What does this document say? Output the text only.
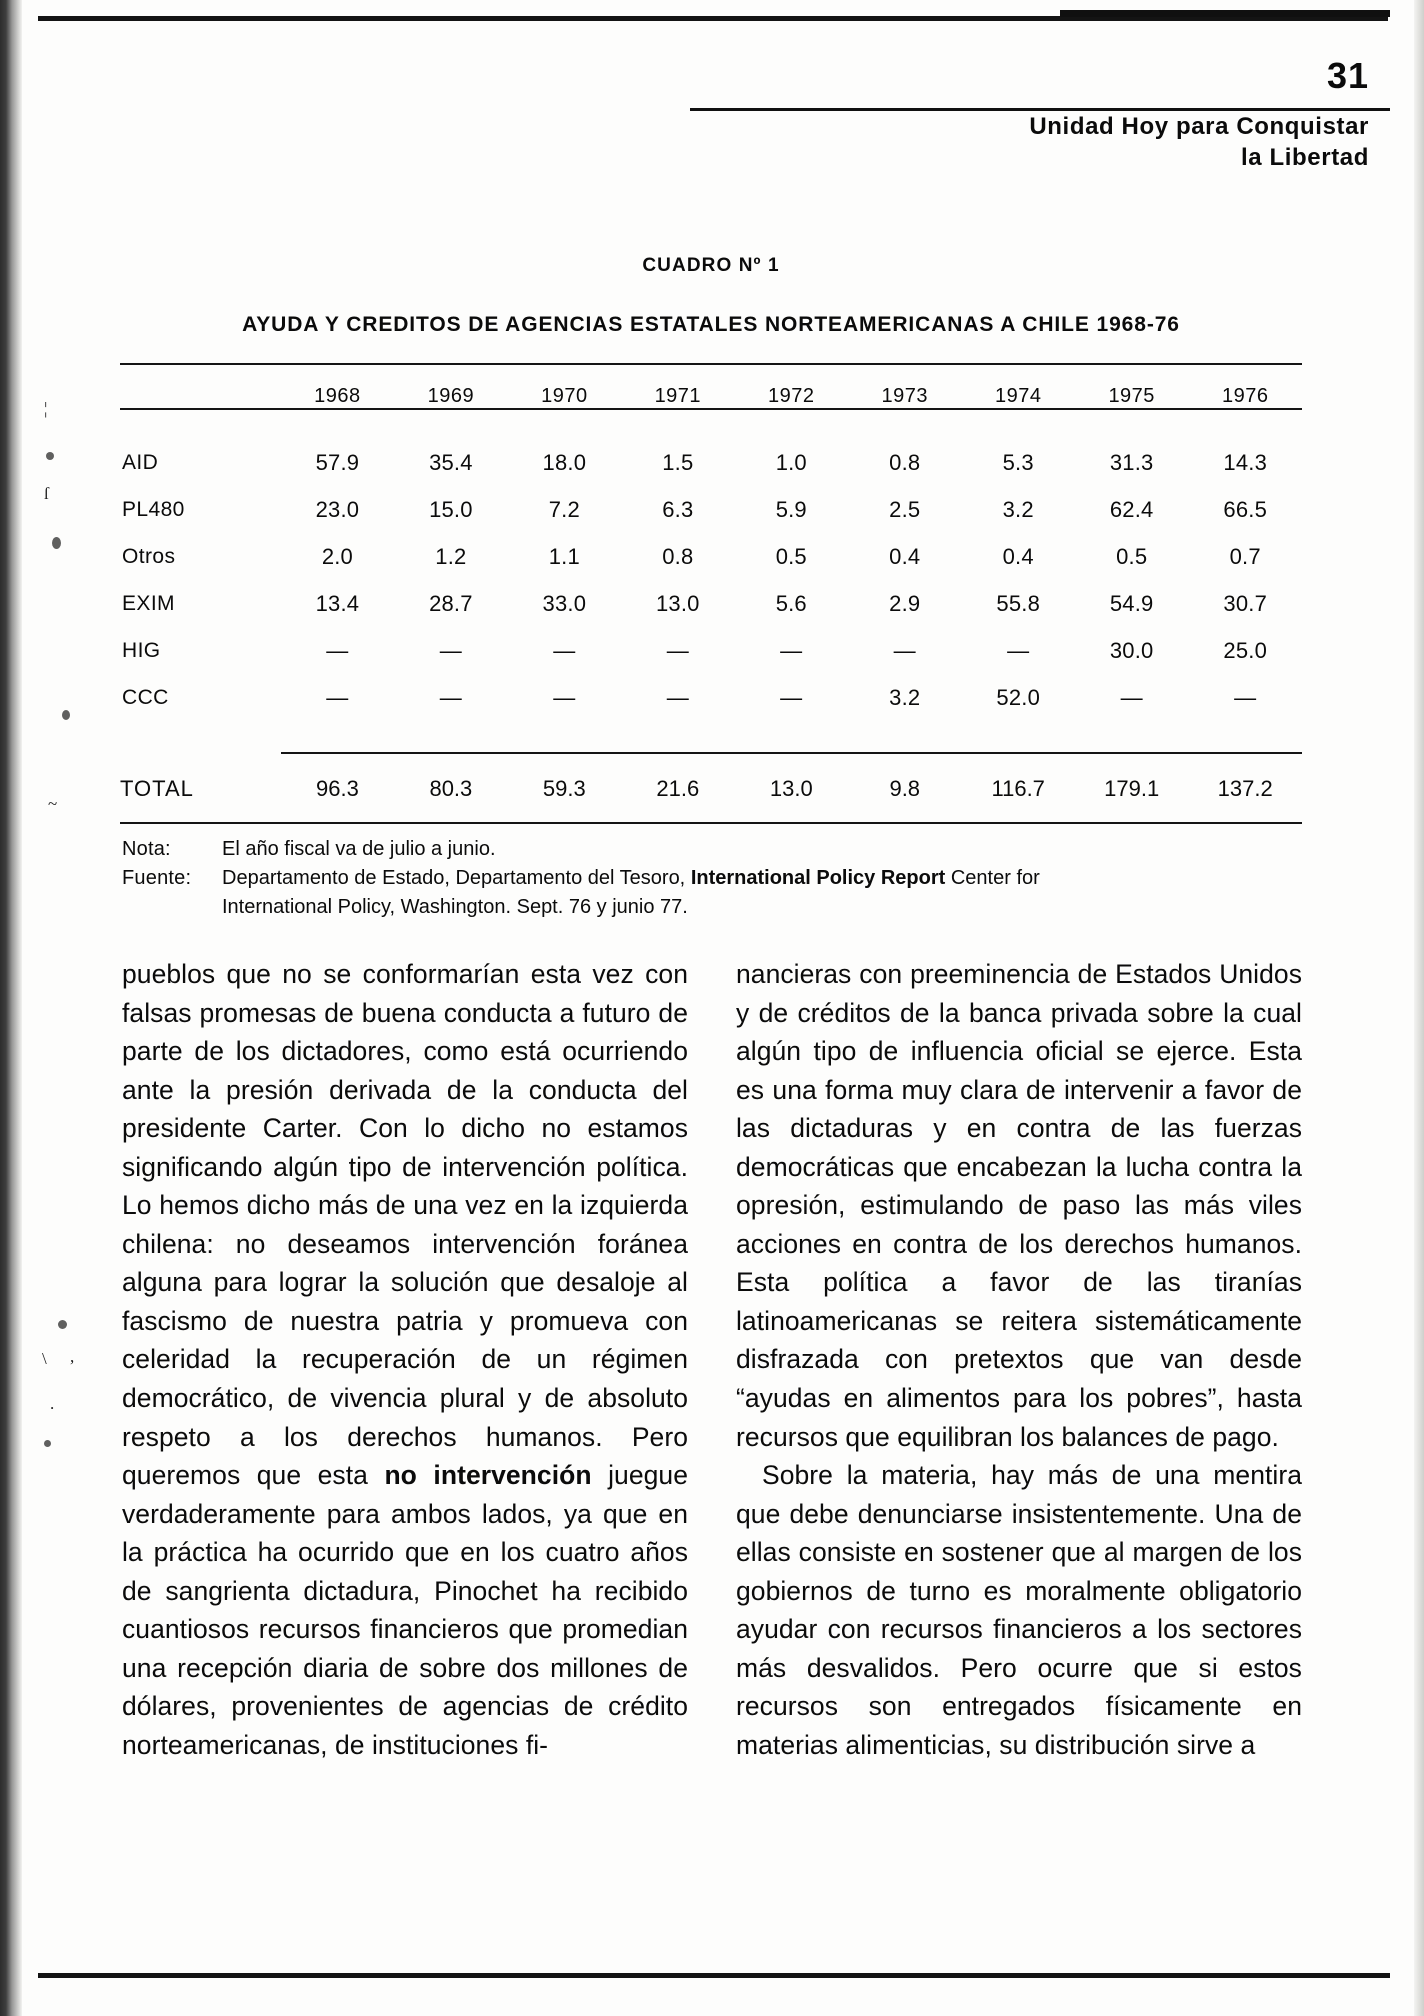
¦
ſ
~
\ ,
.
31
Unidad Hoy para Conquistar
la Libertad
CUADRO Nº 1
AYUDA Y CREDITOS DE AGENCIAS ESTATALES NORTEAMERICANAS A CHILE 1968-76

	1968	1969	1970	1971	1972	1973	1974	1975	1976

AID	57.9	35.4	18.0	1.5	1.0	0.8	5.3	31.3	14.3
PL480	23.0	15.0	7.2	6.3	5.9	2.5	3.2	62.4	66.5
Otros	2.0	1.2	1.1	0.8	0.5	0.4	0.4	0.5	0.7
EXIM	13.4	28.7	33.0	13.0	5.6	2.9	55.8	54.9	30.7
HIG	—	—	—	—	—	—	—	30.0	25.0
CCC	—	—	—	—	—	3.2	52.0	—	—

TOTAL	96.3	80.3	59.3	21.6	13.0	9.8	116.7	179.1	137.2

Nota:	El año fiscal va de julio a junio.
Fuente:	Departamento de Estado, Departamento del Tesoro, International Policy Report Center for
International Policy, Washington. Sept. 76 y junio 77.

pueblos que no se conformarían esta vez con falsas promesas de buena conducta a futuro de parte de los dictadores, como está ocurriendo ante la presión derivada de la conducta del presidente Carter. Con lo dicho no estamos significando algún tipo de intervención política. Lo hemos dicho más de una vez en la izquierda chilena: no deseamos intervención foránea alguna para lograr la solución que desaloje al fascismo de nuestra patria y promueva con celeridad la recuperación de un régimen democrático, de vivencia plural y de absoluto respeto a los derechos humanos. Pero queremos que esta no intervención juegue verdaderamente para ambos lados, ya que en la práctica ha ocurrido que en los cuatro años de sangrienta dictadura, Pinochet ha recibido cuantiosos recursos financieros que promedian una recepción diaria de sobre dos millones de dólares, provenientes de agencias de crédito norteamericanas, de instituciones fi-

nancieras con preeminencia de Estados Unidos y de créditos de la banca privada sobre la cual algún tipo de influencia oficial se ejerce. Esta es una forma muy clara de intervenir a favor de las dictaduras y en contra de las fuerzas democráticas que encabezan la lucha contra la opresión, estimulando de paso las más viles acciones en contra de los derechos humanos. Esta política a favor de las tiranías latinoamericanas se reitera sistemáticamente disfrazada con pretextos que van desde “ayudas en alimentos para los pobres”, hasta recursos que equilibran los balances de pago.

Sobre la materia, hay más de una mentira que debe denunciarse insistentemente. Una de ellas consiste en sostener que al margen de los gobiernos de turno es moralmente obligatorio ayudar con recursos financieros a los sectores más desvalidos. Pero ocurre que si estos recursos son entregados físicamente en materias alimenticias, su distribución sirve a
